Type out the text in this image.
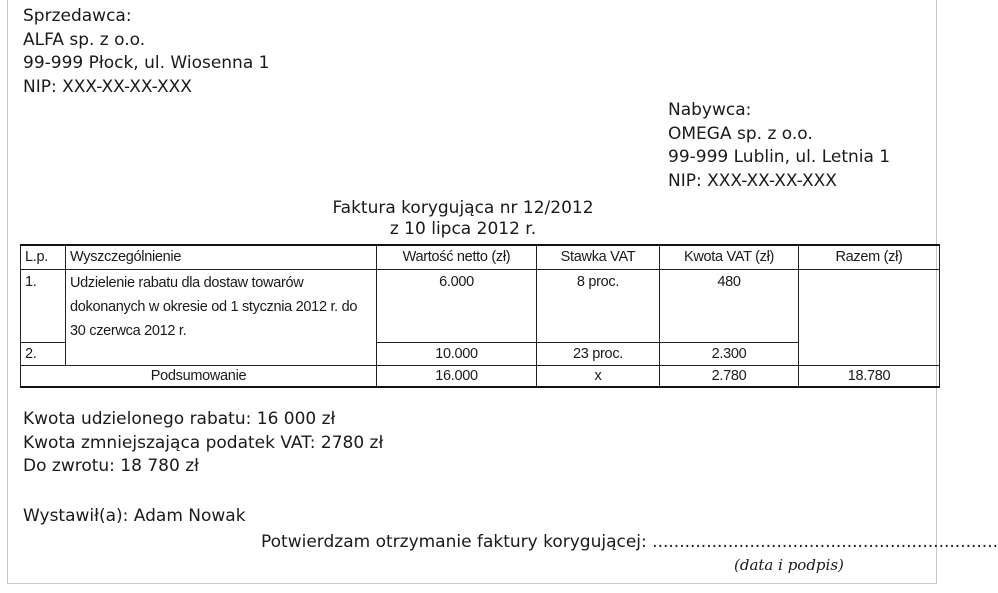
Sprzedawca:
ALFA sp. z o.o.
99-999 Płock, ul. Wiosenna 1
NIP: XXX-XX-XX-XXX
Nabywca:
OMEGA sp. z o.o.
99-999 Lublin, ul. Letnia 1
NIP: XXX-XX-XX-XXX
Faktura korygująca nr 12/2012
z 10 lipca 2012 r.
L.p.	Wyszczególnienie	Wartość netto (zł)	Stawka VAT	Kwota VAT (zł)	Razem (zł)
1.	Udzielenie rabatu dla dostaw towarów dokonanych w okresie od 1 stycznia 2012 r. do 30 czerwca 2012 r.	6.000	8 proc.	480	
2.		10.000	23 proc.	2.300	
Podsumowanie		16.000	x	2.780	18.780
Kwota udzielonego rabatu: 16 000 zł
Kwota zmniejszająca podatek VAT: 2780 zł
Do zwrotu: 18 780 zł
Wystawił(a): Adam Nowak
Potwierdzam otrzymanie faktury korygującej: ................................................................
(data i podpis)
